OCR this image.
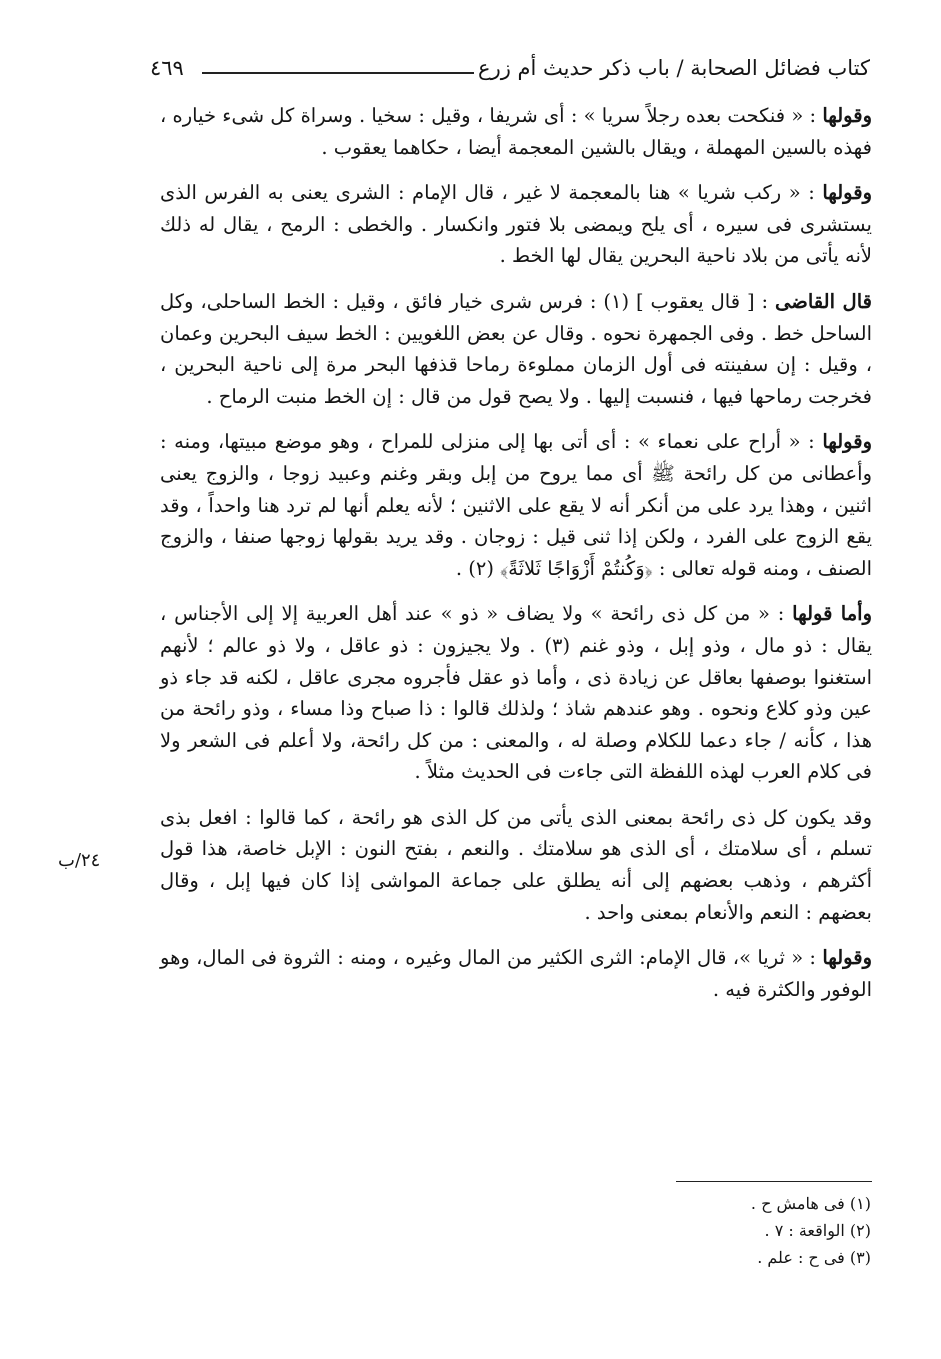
٤٦٩	كتاب فضائل الصحابة / باب ذكر حديث أم زرع

وقولها : « فنكحت بعده رجلاً سريا » : أى شريفا ، وقيل : سخيا . وسراة كل شىء خياره ، فهذه بالسين المهملة ، ويقال بالشين المعجمة أيضا ، حكاهما يعقوب .

وقولها : « ركب شريا » هنا بالمعجمة لا غير ، قال الإمام : الشرى يعنى به الفرس الذى يستشرى فى سيره ، أى يلح ويمضى بلا فتور وانكسار . والخطى : الرمح ، يقال له ذلك لأنه يأتى من بلاد ناحية البحرين يقال لها الخط .

قال القاضى : [ قال يعقوب ] (١) : فرس شرى خيار فائق ، وقيل : الخط الساحلى، وكل الساحل خط . وفى الجمهرة نحوه . وقال عن بعض اللغويين : الخط سيف البحرين وعمان ، وقيل : إن سفينته فى أول الزمان مملوءة رماحا قذفها البحر مرة إلى ناحية البحرين ، فخرجت رماحها فيها ، فنسبت إليها . ولا يصح قول من قال : إن الخط منبت الرماح .

وقولها : « أراح على نعماء » : أى أتى بها إلى منزلى للمراح ، وهو موضع مبيتها، ومنه : وأعطانى من كل رائحة ﷺ أى مما يروح من إبل وبقر وغنم وعبيد زوجا ، والزوج يعنى اثنين ، وهذا يرد على من أنكر أنه لا يقع على الاثنين ؛ لأنه يعلم أنها لم ترد هنا واحداً ، وقد يقع الزوج على الفرد ، ولكن إذا ثنى قيل : زوجان . وقد يريد بقولها زوجها صنفا ، والزوج الصنف ، ومنه قوله تعالى : ﴿وَكُنتُمْ أَزْوَاجًا ثَلاثَةً﴾ (٢) .

وأما قولها : « من كل ذى رائحة » ولا يضاف « ذو » عند أهل العربية إلا إلى الأجناس ، يقال : ذو مال ، وذو إبل ، وذو غنم (٣) . ولا يجيزون : ذو عاقل ، ولا ذو عالم ؛ لأنهم استغنوا بوصفها بعاقل عن زيادة ذى ، وأما ذو عقل فأجروه مجرى عاقل ، لكنه قد جاء ذو عين وذو كلاع ونحوه . وهو عندهم شاذ ؛ ولذلك قالوا : ذا صباح وذا مساء ، وذو رائحة من هذا ، كأنه / جاء دعما للكلام وصلة له ، والمعنى : من كل رائحة، ولا أعلم فى الشعر ولا فى كلام العرب لهذه اللفظة التى جاءت فى الحديث مثلاً .

وقد يكون كل ذى رائحة بمعنى الذى يأتى من كل الذى هو رائحة ، كما قالوا : افعل بذى تسلم ، أى سلامتك ، أى الذى هو سلامتك . والنعم ، بفتح النون : الإبل خاصة، هذا قول أكثرهم ، وذهب بعضهم إلى أنه يطلق على جماعة المواشى إذا كان فيها إبل ، وقال بعضهم : النعم والأنعام بمعنى واحد .

وقولها : « ثريا »، قال الإمام: الثرى الكثير من المال وغيره ، ومنه : الثروة فى المال، وهو الوفور والكثرة فيه .

٢٤/ب
(١) فى هامش ح .
(٢) الواقعة : ٧ .
(٣) فى ح : علم .
